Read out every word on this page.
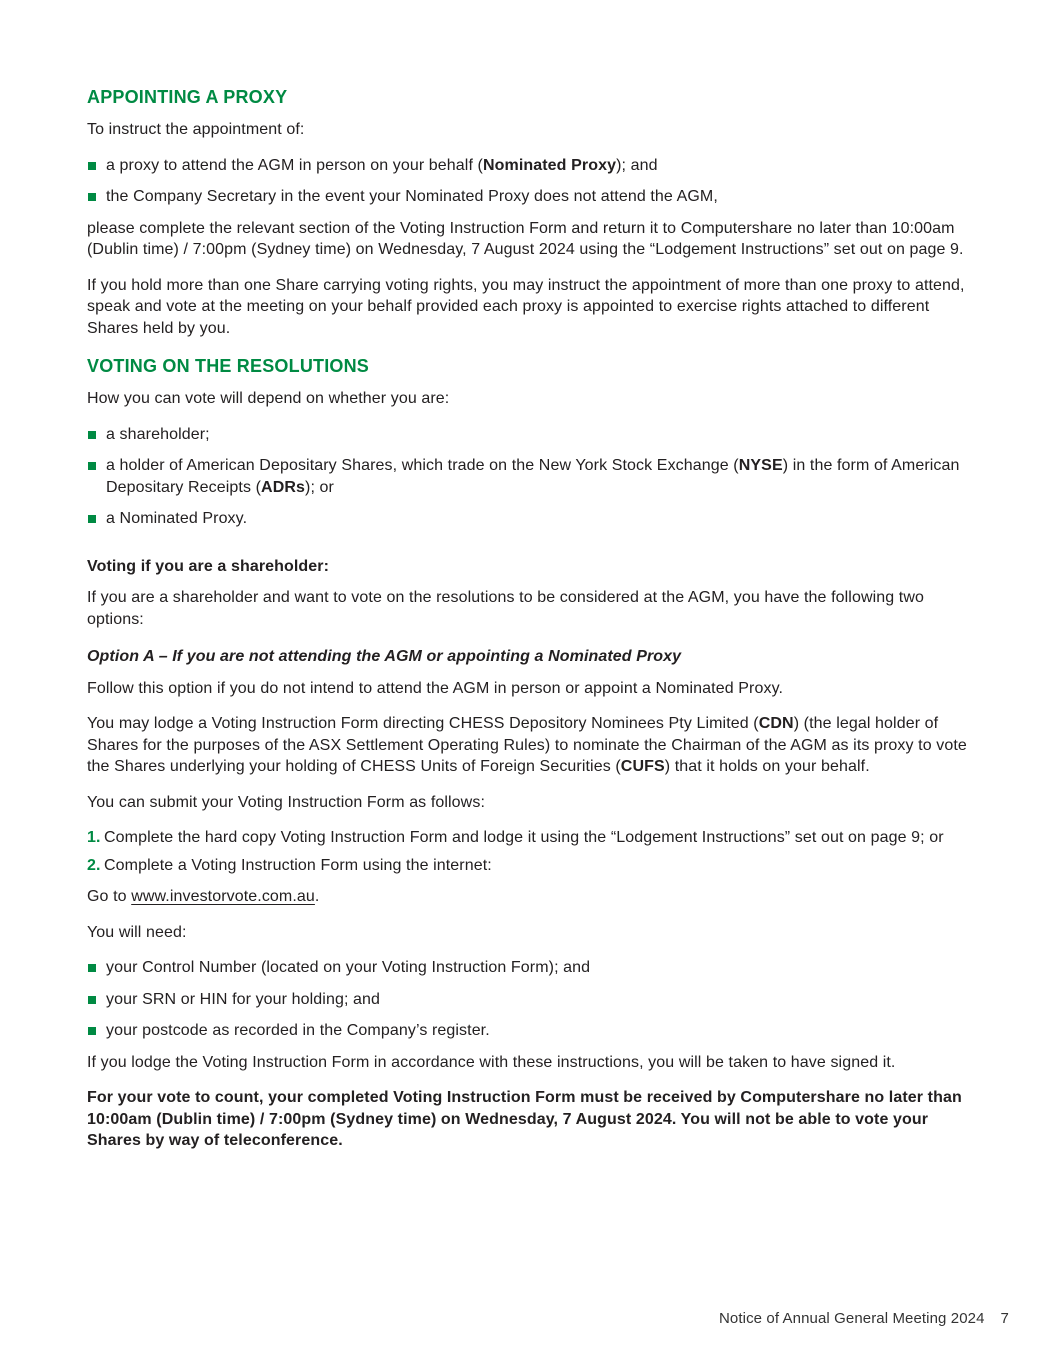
APPOINTING A PROXY
To instruct the appointment of:
a proxy to attend the AGM in person on your behalf (Nominated Proxy); and
the Company Secretary in the event your Nominated Proxy does not attend the AGM,
please complete the relevant section of the Voting Instruction Form and return it to Computershare no later than 10:00am (Dublin time) / 7:00pm (Sydney time) on Wednesday, 7 August 2024 using the “Lodgement Instructions” set out on page 9.
If you hold more than one Share carrying voting rights, you may instruct the appointment of more than one proxy to attend, speak and vote at the meeting on your behalf provided each proxy is appointed to exercise rights attached to different Shares held by you.
VOTING ON THE RESOLUTIONS
How you can vote will depend on whether you are:
a shareholder;
a holder of American Depositary Shares, which trade on the New York Stock Exchange (NYSE) in the form of American Depositary Receipts (ADRs); or
a Nominated Proxy.
Voting if you are a shareholder:
If you are a shareholder and want to vote on the resolutions to be considered at the AGM, you have the following two options:
Option A – If you are not attending the AGM or appointing a Nominated Proxy
Follow this option if you do not intend to attend the AGM in person or appoint a Nominated Proxy.
You may lodge a Voting Instruction Form directing CHESS Depository Nominees Pty Limited (CDN) (the legal holder of Shares for the purposes of the ASX Settlement Operating Rules) to nominate the Chairman of the AGM as its proxy to vote the Shares underlying your holding of CHESS Units of Foreign Securities (CUFS) that it holds on your behalf.
You can submit your Voting Instruction Form as follows:
1. Complete the hard copy Voting Instruction Form and lodge it using the “Lodgement Instructions” set out on page 9; or
2. Complete a Voting Instruction Form using the internet:
Go to www.investorvote.com.au.
You will need:
your Control Number (located on your Voting Instruction Form); and
your SRN or HIN for your holding; and
your postcode as recorded in the Company’s register.
If you lodge the Voting Instruction Form in accordance with these instructions, you will be taken to have signed it.
For your vote to count, your completed Voting Instruction Form must be received by Computershare no later than 10:00am (Dublin time) / 7:00pm (Sydney time) on Wednesday, 7 August 2024. You will not be able to vote your Shares by way of teleconference.
Notice of Annual General Meeting 2024 7
